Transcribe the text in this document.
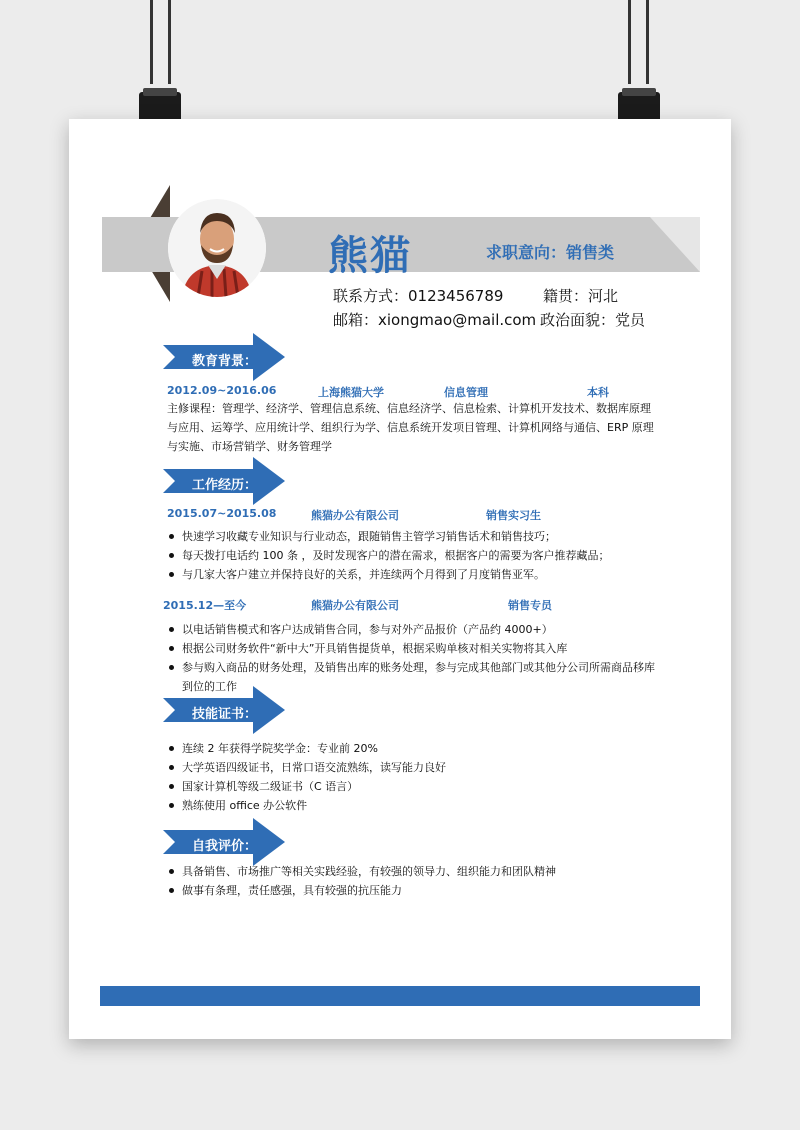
熊猫	求职意向：销售类
联系方式：0123456789	籍贯：河北
邮箱：xiongmao@mail.com 政治面貌：党员
教育背景：
2012.09~2016.06	上海熊猫大学	信息管理	本科
主修课程：管理学、经济学、管理信息系统、信息经济学、信息检索、计算机开发技术、数据库原理与应用、运筹学、应用统计学、组织行为学、信息系统开发项目管理、计算机网络与通信、ERP 原理与实施、市场营销学、财务管理学
工作经历：
2015.07~2015.08	熊猫办公有限公司	销售实习生
快速学习收藏专业知识与行业动态，跟随销售主管学习销售话术和销售技巧；
每天拨打电话约 100 条 ，及时发现客户的潜在需求，根据客户的需要为客户推荐藏品；
与几家大客户建立并保持良好的关系，并连续两个月得到了月度销售亚军。
2015.12—至今	熊猫办公有限公司	销售专员
以电话销售模式和客户达成销售合同，参与对外产品报价（产品约 4000+）
根据公司财务软件“新中大”开具销售提货单，根据采购单核对相关实物将其入库
参与购入商品的财务处理，及销售出库的账务处理，参与完成其他部门或其他分公司所需商品移库到位的工作
技能证书：
连续 2 年获得学院奖学金：专业前 20%
大学英语四级证书，日常口语交流熟练，读写能力良好
国家计算机等级二级证书（C 语言）
熟练使用 office 办公软件
自我评价：
具备销售、市场推广等相关实践经验，有较强的领导力、组织能力和团队精神
做事有条理，责任感强，具有较强的抗压能力
